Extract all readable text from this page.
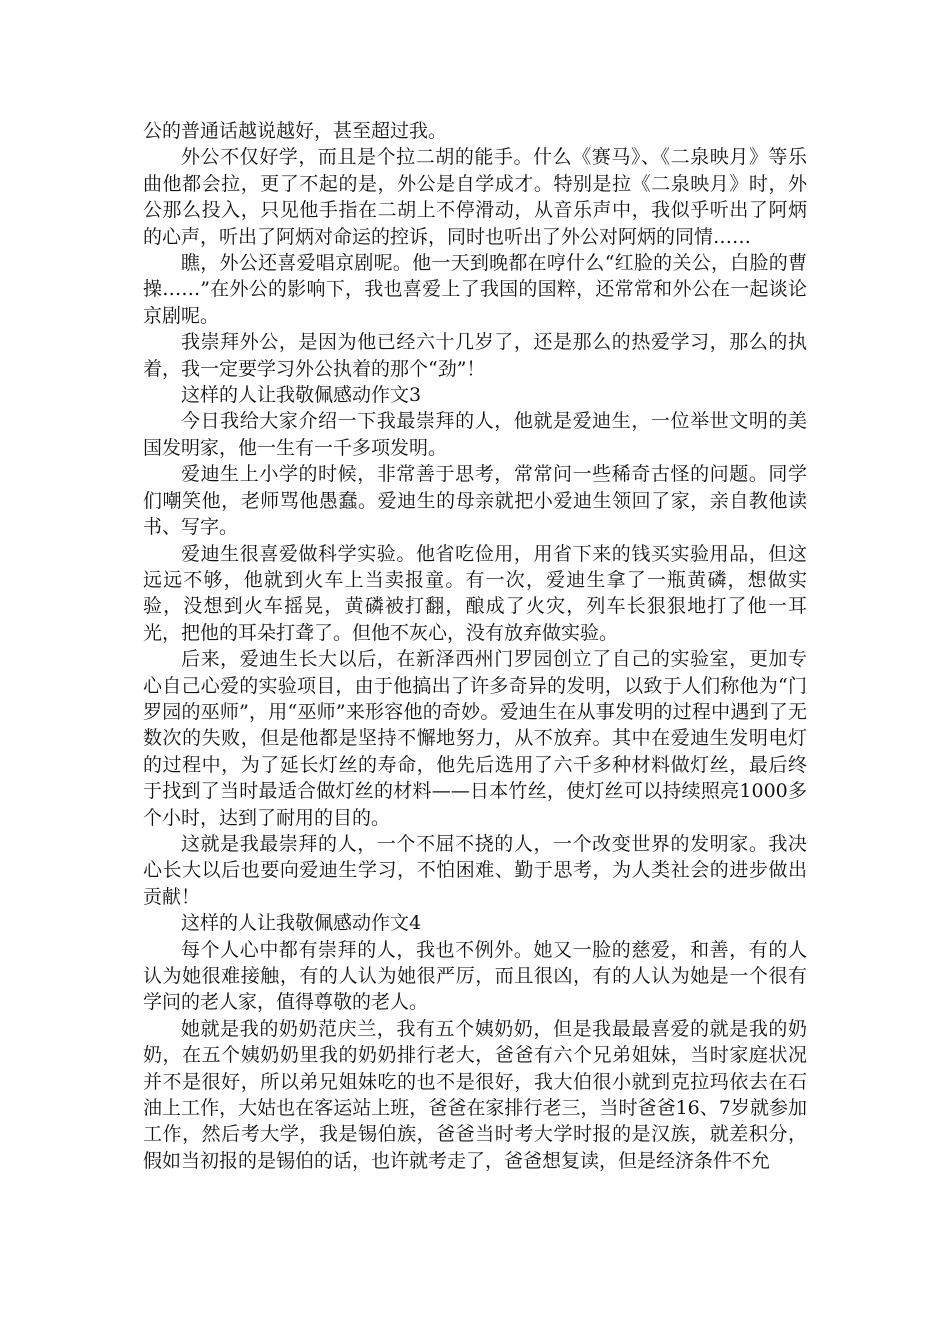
公的普通话越说越好，甚至超过我。

外公不仅好学，而且是个拉二胡的能手。什么《赛马》、《二泉映月》等乐曲他都会拉，更了不起的是，外公是自学成才。特别是拉《二泉映月》时，外公那么投入，只见他手指在二胡上不停滑动，从音乐声中，我似乎听出了阿炳的心声，听出了阿炳对命运的控诉，同时也听出了外公对阿炳的同情……

瞧，外公还喜爱唱京剧呢。他一天到晚都在哼什么“红脸的关公，白脸的曹操……”在外公的影响下，我也喜爱上了我国的国粹，还常常和外公在一起谈论京剧呢。

我崇拜外公，是因为他已经六十几岁了，还是那么的热爱学习，那么的执着，我一定要学习外公执着的那个“劲”！

这样的人让我敬佩感动作文3

今日我给大家介绍一下我最崇拜的人，他就是爱迪生，一位举世文明的美国发明家，他一生有一千多项发明。

爱迪生上小学的时候，非常善于思考，常常问一些稀奇古怪的问题。同学们嘲笑他，老师骂他愚蠢。爱迪生的母亲就把小爱迪生领回了家，亲自教他读书、写字。

爱迪生很喜爱做科学实验。他省吃俭用，用省下来的钱买实验用品，但这远远不够，他就到火车上当卖报童。有一次，爱迪生拿了一瓶黄磷，想做实验，没想到火车摇晃，黄磷被打翻，酿成了火灾，列车长狠狠地打了他一耳光，把他的耳朵打聋了。但他不灰心，没有放弃做实验。

后来，爱迪生长大以后，在新泽西州门罗园创立了自己的实验室，更加专心自己心爱的实验项目，由于他搞出了许多奇异的发明，以致于人们称他为“门罗园的巫师”，用“巫师”来形容他的奇妙。爱迪生在从事发明的过程中遇到了无数次的失败，但是他都是坚持不懈地努力，从不放弃。其中在爱迪生发明电灯的过程中，为了延长灯丝的寿命，他先后选用了六千多种材料做灯丝，最后终于找到了当时最适合做灯丝的材料——日本竹丝，使灯丝可以持续照亮1000多个小时，达到了耐用的目的。

这就是我最崇拜的人，一个不屈不挠的人，一个改变世界的发明家。我决心长大以后也要向爱迪生学习，不怕困难、勤于思考，为人类社会的进步做出贡献！

这样的人让我敬佩感动作文4

每个人心中都有崇拜的人，我也不例外。她又一脸的慈爱，和善，有的人认为她很难接触，有的人认为她很严厉，而且很凶，有的人认为她是一个很有学问的老人家，值得尊敬的老人。

她就是我的奶奶范庆兰，我有五个姨奶奶，但是我最最喜爱的就是我的奶奶，在五个姨奶奶里我的奶奶排行老大，爸爸有六个兄弟姐妹，当时家庭状况并不是很好，所以弟兄姐妹吃的也不是很好，我大伯很小就到克拉玛依去在石油上工作，大姑也在客运站上班，爸爸在家排行老三，当时爸爸16、7岁就参加工作，然后考大学，我是锡伯族，爸爸当时考大学时报的是汉族，就差积分，假如当初报的是锡伯的话，也许就考走了，爸爸想复读，但是经济条件不允
